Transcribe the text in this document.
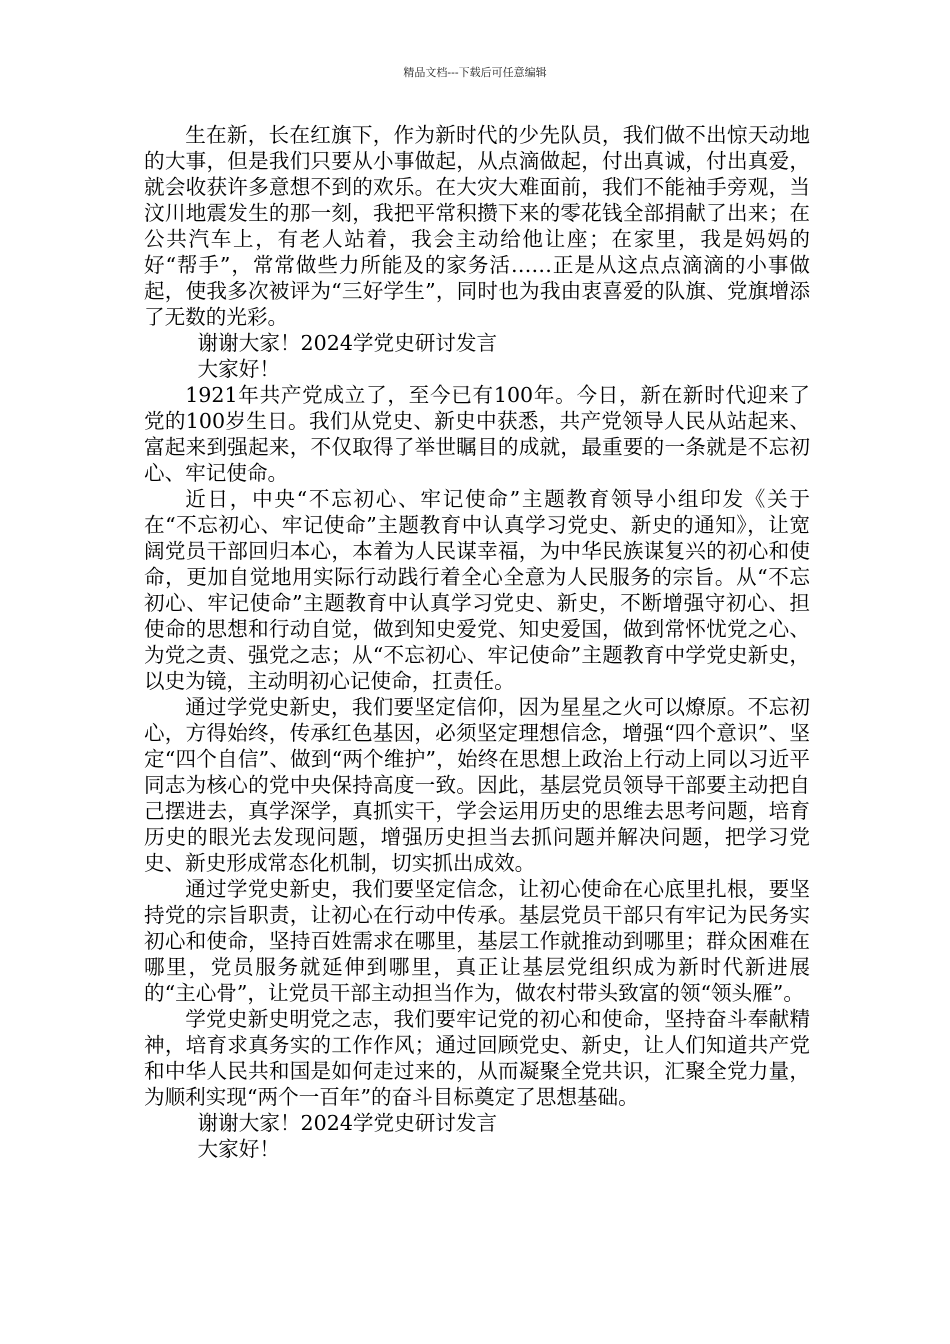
精品文档---下载后可任意编辑

生在新，长在红旗下，作为新时代的少先队员，我们做不出惊天动地的大事，但是我们只要从小事做起，从点滴做起，付出真诚，付出真爱，就会收获许多意想不到的欢乐。在大灾大难面前，我们不能袖手旁观，当汶川地震发生的那一刻，我把平常积攒下来的零花钱全部捐献了出来；在公共汽车上，有老人站着，我会主动给他让座；在家里，我是妈妈的好“帮手”，常常做些力所能及的家务活……正是从这点点滴滴的小事做起，使我多次被评为“三好学生”，同时也为我由衷喜爱的队旗、党旗增添了无数的光彩。

谢谢大家！2024学党史研讨发言

大家好！

1921年共产党成立了，至今已有100年。今日，新在新时代迎来了党的100岁生日。我们从党史、新史中获悉，共产党领导人民从站起来、富起来到强起来，不仅取得了举世瞩目的成就，最重要的一条就是不忘初心、牢记使命。

近日，中央“不忘初心、牢记使命”主题教育领导小组印发《关于在“不忘初心、牢记使命”主题教育中认真学习党史、新史的通知》，让宽阔党员干部回归本心，本着为人民谋幸福，为中华民族谋复兴的初心和使命，更加自觉地用实际行动践行着全心全意为人民服务的宗旨。从“不忘初心、牢记使命”主题教育中认真学习党史、新史，不断增强守初心、担使命的思想和行动自觉，做到知史爱党、知史爱国，做到常怀忧党之心、为党之责、强党之志；从“不忘初心、牢记使命”主题教育中学党史新史，以史为镜，主动明初心记使命，扛责任。

通过学党史新史，我们要坚定信仰，因为星星之火可以燎原。不忘初心，方得始终，传承红色基因，必须坚定理想信念，增强“四个意识”、坚定“四个自信”、做到“两个维护”，始终在思想上政治上行动上同以习近平同志为核心的党中央保持高度一致。因此，基层党员领导干部要主动把自己摆进去，真学深学，真抓实干，学会运用历史的思维去思考问题，培育历史的眼光去发现问题，增强历史担当去抓问题并解决问题，把学习党史、新史形成常态化机制，切实抓出成效。

通过学党史新史，我们要坚定信念，让初心使命在心底里扎根，要坚持党的宗旨职责，让初心在行动中传承。基层党员干部只有牢记为民务实初心和使命，坚持百姓需求在哪里，基层工作就推动到哪里；群众困难在哪里，党员服务就延伸到哪里，真正让基层党组织成为新时代新进展的“主心骨”，让党员干部主动担当作为，做农村带头致富的领“领头雁”。

学党史新史明党之志，我们要牢记党的初心和使命，坚持奋斗奉献精神，培育求真务实的工作作风；通过回顾党史、新史，让人们知道共产党和中华人民共和国是如何走过来的，从而凝聚全党共识，汇聚全党力量，为顺利实现“两个一百年”的奋斗目标奠定了思想基础。

谢谢大家！2024学党史研讨发言

大家好！
